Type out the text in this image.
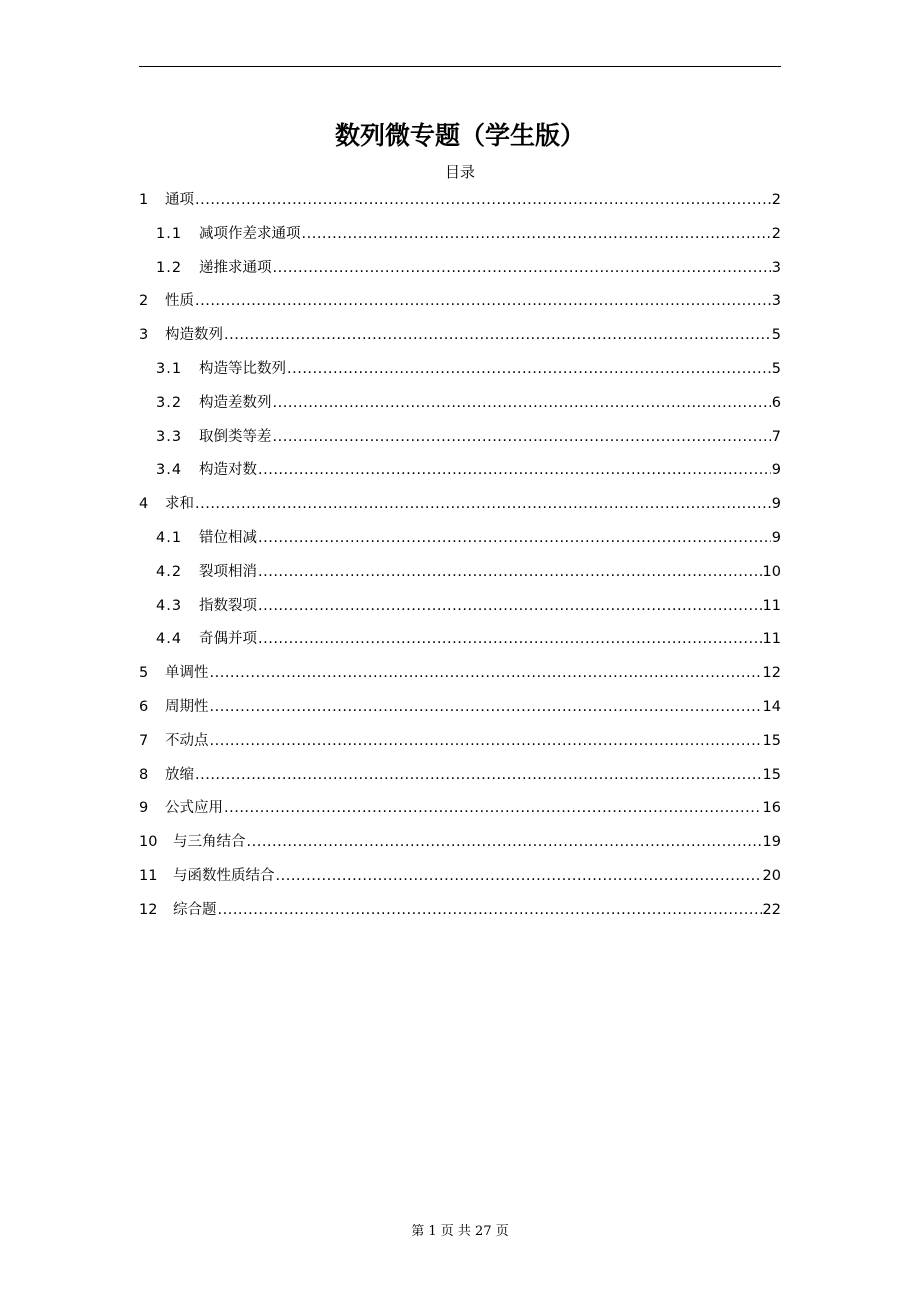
数列微专题（学生版）
目录
1	通项 .....	2
1.1	减项作差求通项 .....	2
1.2	递推求通项 .....	3
2	性质 .....	3
3	构造数列 .....	5
3.1	构造等比数列 .....	5
3.2	构造差数列 .....	6
3.3	取倒类等差 .....	7
3.4	构造对数 .....	9
4	求和 .....	9
4.1	错位相减 .....	9
4.2	裂项相消 .....	10
4.3	指数裂项 .....	11
4.4	奇偶并项 .....	11
5	单调性 .....	12
6	周期性 .....	14
7	不动点 .....	15
8	放缩 .....	15
9	公式应用 .....	16
10	与三角结合 .....	19
11	与函数性质结合 .....	20
12	综合题 .....	22
第 1 页 共 27 页
